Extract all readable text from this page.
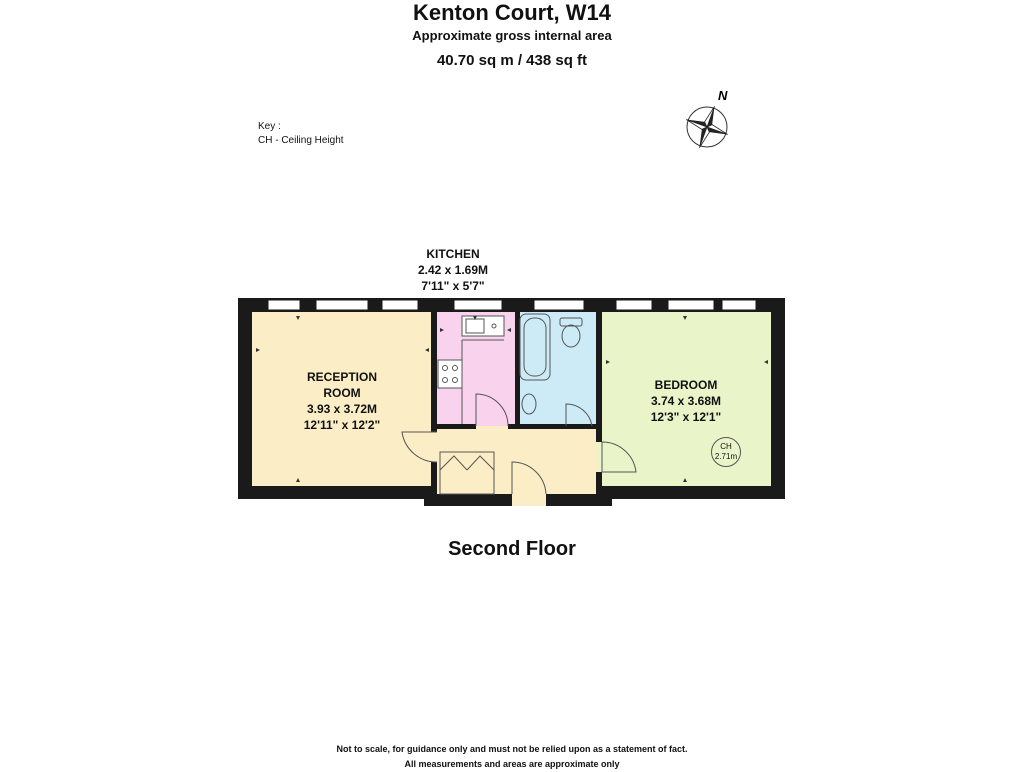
Kenton Court, W14
Approximate gross internal area
40.70 sq m / 438 sq ft
Key :
CH - Ceiling Height
N
KITCHEN
2.42 x 1.69M
7'11" x 5'7"
RECEPTION
ROOM
3.93 x 3.72M
12'11" x 12'2"
BEDROOM
3.74 x 3.68M
12'3" x 12'1"
CH
2.71m
Second Floor
Not to scale, for guidance only and must not be relied upon as a statement of fact.
All measurements and areas are approximate only
